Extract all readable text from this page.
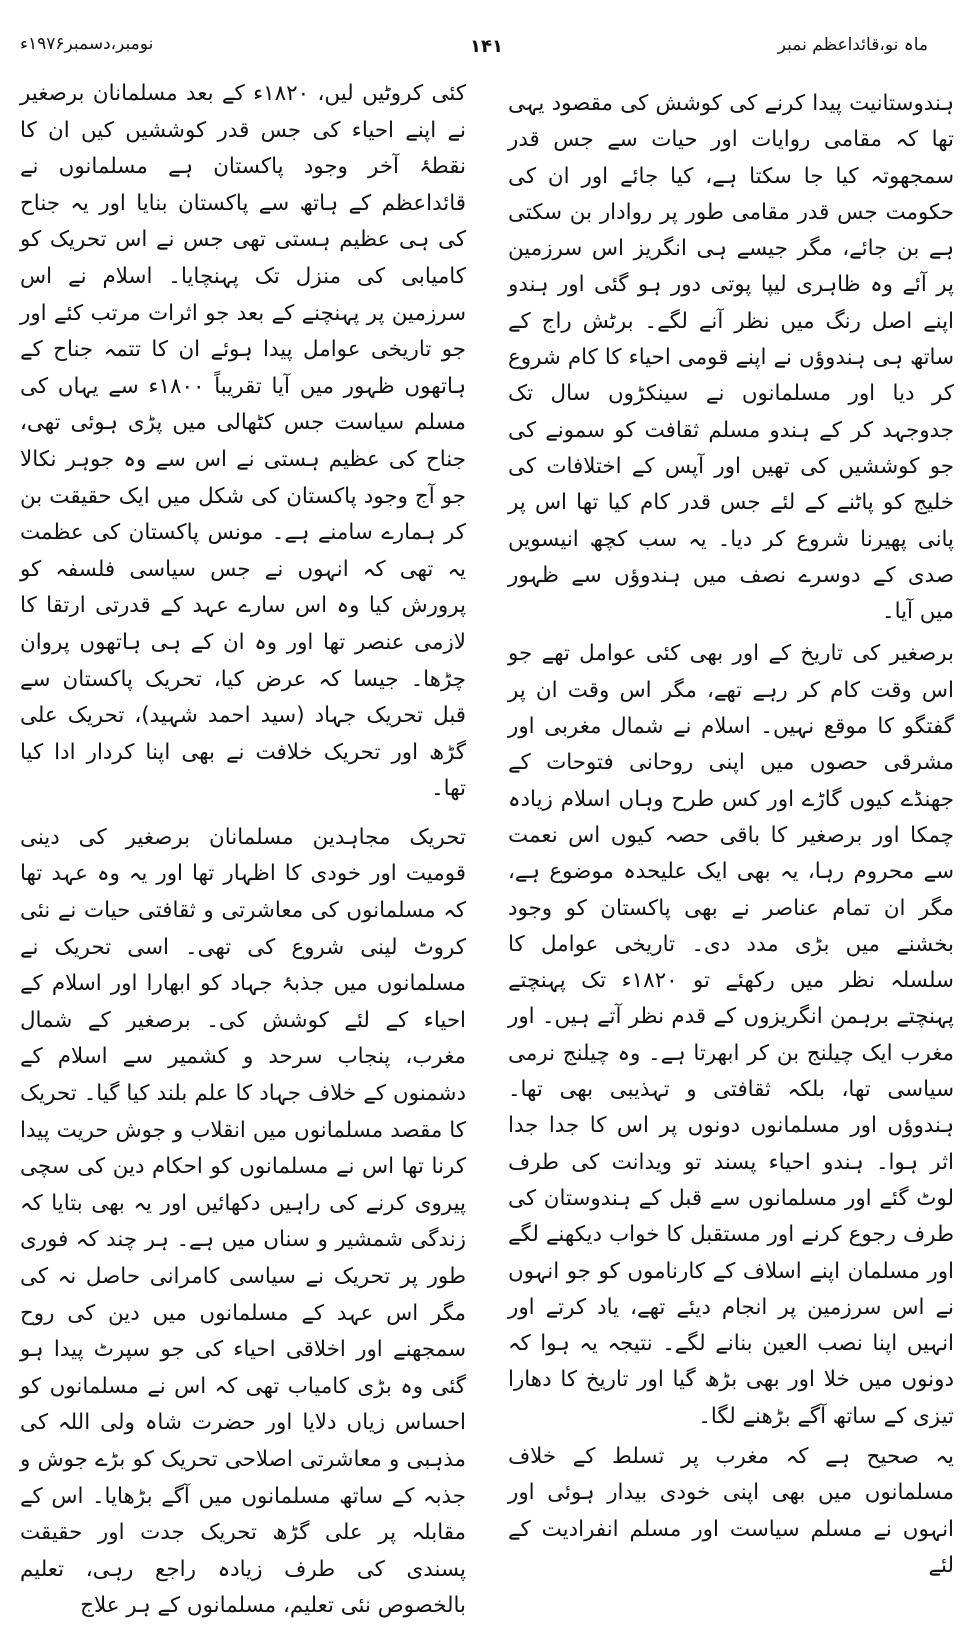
ماہ نو،قائداعظم نمبر
۱۴۱
نومبر،دسمبر۱۹۷۶ء

ہندوستانیت پیدا کرنے کی کوشش کی مقصود یہی تھا کہ مقامی روایات اور حیات سے جس قدر سمجھوتہ کیا جا سکتا ہے، کیا جائے اور ان کی حکومت جس قدر مقامی طور پر روادار بن سکتی ہے بن جائے، مگر جیسے ہی انگریز اس سرزمین پر آئے وہ ظاہری لیپا پوتی دور ہو گئی اور ہندو اپنے اصل رنگ میں نظر آنے لگے۔ برٹش راج کے ساتھ ہی ہندوؤں نے اپنے قومی احیاء کا کام شروع کر دیا اور مسلمانوں نے سینکڑوں سال تک جدوجہد کر کے ہندو مسلم ثقافت کو سمونے کی جو کوششیں کی تھیں اور آپس کے اختلافات کی خلیج کو پاٹنے کے لئے جس قدر کام کیا تھا اس پر پانی پھیرنا شروع کر دیا۔ یہ سب کچھ انیسویں صدی کے دوسرے نصف میں ہندوؤں سے ظہور میں آیا۔

برصغیر کی تاریخ کے اور بھی کئی عوامل تھے جو اس وقت کام کر رہے تھے، مگر اس وقت ان پر گفتگو کا موقع نہیں۔ اسلام نے شمال مغربی اور مشرقی حصوں میں اپنی روحانی فتوحات کے جھنڈے کیوں گاڑے اور کس طرح وہاں اسلام زیادہ چمکا اور برصغیر کا باقی حصہ کیوں اس نعمت سے محروم رہا، یہ بھی ایک علیحدہ موضوع ہے، مگر ان تمام عناصر نے بھی پاکستان کو وجود بخشنے میں بڑی مدد دی۔ تاریخی عوامل کا سلسلہ نظر میں رکھئے تو ۱۸۲۰ء تک پہنچتے پہنچتے برہمن انگریزوں کے قدم نظر آتے ہیں۔ اور مغرب ایک چیلنج بن کر ابھرتا ہے۔ وہ چیلنج نرمی سیاسی تھا، بلکہ ثقافتی و تہذیبی بھی تھا۔ ہندوؤں اور مسلمانوں دونوں پر اس کا جدا جدا اثر ہوا۔ ہندو احیاء پسند تو ویدانت کی طرف لوٹ گئے اور مسلمانوں سے قبل کے ہندوستان کی طرف رجوع کرنے اور مستقبل کا خواب دیکھنے لگے اور مسلمان اپنے اسلاف کے کارناموں کو جو انہوں نے اس سرزمین پر انجام دیئے تھے، یاد کرتے اور انہیں اپنا نصب العین بنانے لگے۔ نتیجہ یہ ہوا کہ دونوں میں خلا اور بھی بڑھ گیا اور تاریخ کا دھارا تیزی کے ساتھ آگے بڑھنے لگا۔

یہ صحیح ہے کہ مغرب پر تسلط کے خلاف مسلمانوں میں بھی اپنی خودی بیدار ہوئی اور انہوں نے مسلم سیاست اور مسلم انفرادیت کے لئے

کئی کروٹیں لیں، ۱۸۲۰ء کے بعد مسلمانان برصغیر نے اپنے احیاء کی جس قدر کوششیں کیں ان کا نقطۂ آخر وجود پاکستان ہے مسلمانوں نے قائداعظم کے ہاتھ سے پاکستان بنایا اور یہ جناح کی ہی عظیم ہستی تھی جس نے اس تحریک کو کامیابی کی منزل تک پہنچایا۔ اسلام نے اس سرزمین پر پہنچنے کے بعد جو اثرات مرتب کئے اور جو تاریخی عوامل پیدا ہوئے ان کا تتمہ جناح کے ہاتھوں ظہور میں آیا تقریباً ۱۸۰۰ء سے یہاں کی مسلم سیاست جس کٹھالی میں پڑی ہوئی تھی، جناح کی عظیم ہستی نے اس سے وہ جوہر نکالا جو آج وجود پاکستان کی شکل میں ایک حقیقت بن کر ہمارے سامنے ہے۔ مونس پاکستان کی عظمت یہ تھی کہ انہوں نے جس سیاسی فلسفہ کو پرورش کیا وہ اس سارے عہد کے قدرتی ارتقا کا لازمی عنصر تھا اور وہ ان کے ہی ہاتھوں پروان چڑھا۔ جیسا کہ عرض کیا، تحریک پاکستان سے قبل تحریک جہاد (سید احمد شہید)، تحریک علی گڑھ اور تحریک خلافت نے بھی اپنا کردار ادا کیا تھا۔

تحریک مجاہدین مسلمانان برصغیر کی دینی قومیت اور خودی کا اظہار تھا اور یہ وہ عہد تھا کہ مسلمانوں کی معاشرتی و ثقافتی حیات نے نئی کروٹ لینی شروع کی تھی۔ اسی تحریک نے مسلمانوں میں جذبۂ جہاد کو ابھارا اور اسلام کے احیاء کے لئے کوشش کی۔ برصغیر کے شمال مغرب، پنجاب سرحد و کشمیر سے اسلام کے دشمنوں کے خلاف جہاد کا علم بلند کیا گیا۔ تحریک کا مقصد مسلمانوں میں انقلاب و جوش حریت پیدا کرنا تھا اس نے مسلمانوں کو احکام دین کی سچی پیروی کرنے کی راہیں دکھائیں اور یہ بھی بتایا کہ زندگی شمشیر و سناں میں ہے۔ ہر چند کہ فوری طور پر تحریک نے سیاسی کامرانی حاصل نہ کی مگر اس عہد کے مسلمانوں میں دین کی روح سمجھنے اور اخلاقی احیاء کی جو سپرٹ پیدا ہو گئی وہ بڑی کامیاب تھی کہ اس نے مسلمانوں کو احساس زیاں دلایا اور حضرت شاہ ولی اللہ کی مذہبی و معاشرتی اصلاحی تحریک کو بڑے جوش و جذبہ کے ساتھ مسلمانوں میں آگے بڑھایا۔ اس کے مقابلہ پر علی گڑھ تحریک جدت اور حقیقت پسندی کی طرف زیادہ راجع رہی، تعلیم بالخصوص نئی تعلیم، مسلمانوں کے ہر علاج
